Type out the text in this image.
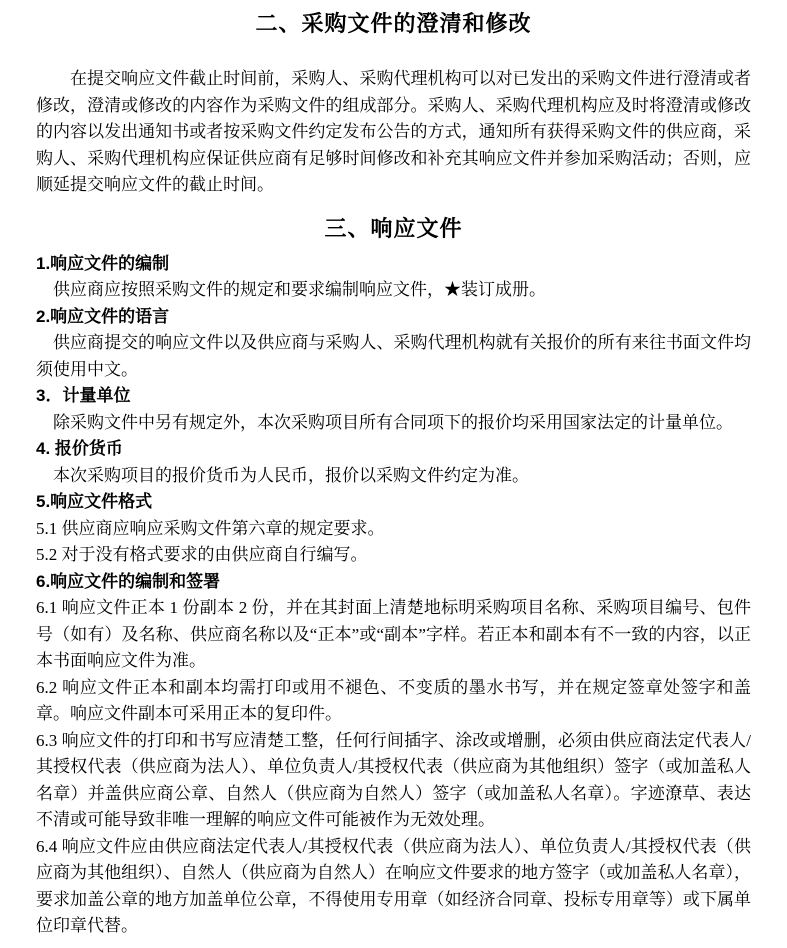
二、采购文件的澄清和修改

在提交响应文件截止时间前，采购人、采购代理机构可以对已发出的采购文件进行澄清或者修改，澄清或修改的内容作为采购文件的组成部分。采购人、采购代理机构应及时将澄清或修改的内容以发出通知书或者按采购文件约定发布公告的方式，通知所有获得采购文件的供应商，采购人、采购代理机构应保证供应商有足够时间修改和补充其响应文件并参加采购活动；否则，应顺延提交响应文件的截止时间。

三、响应文件

1.响应文件的编制

供应商应按照采购文件的规定和要求编制响应文件，★装订成册。

2.响应文件的语言

供应商提交的响应文件以及供应商与采购人、采购代理机构就有关报价的所有来往书面文件均须使用中文。

3．计量单位

除采购文件中另有规定外，本次采购项目所有合同项下的报价均采用国家法定的计量单位。

4. 报价货币

本次采购项目的报价货币为人民币，报价以采购文件约定为准。

5.响应文件格式

5.1 供应商应响应采购文件第六章的规定要求。

5.2 对于没有格式要求的由供应商自行编写。

6.响应文件的编制和签署

6.1 响应文件正本 1 份副本 2 份，并在其封面上清楚地标明采购项目名称、采购项目编号、包件号（如有）及名称、供应商名称以及“正本”或“副本”字样。若正本和副本有不一致的内容，以正本书面响应文件为准。

6.2 响应文件正本和副本均需打印或用不褪色、不变质的墨水书写，并在规定签章处签字和盖章。响应文件副本可采用正本的复印件。

6.3 响应文件的打印和书写应清楚工整，任何行间插字、涂改或增删，必须由供应商法定代表人/其授权代表（供应商为法人）、单位负责人/其授权代表（供应商为其他组织）签字（或加盖私人名章）并盖供应商公章、自然人（供应商为自然人）签字（或加盖私人名章）。字迹潦草、表达不清或可能导致非唯一理解的响应文件可能被作为无效处理。

6.4 响应文件应由供应商法定代表人/其授权代表（供应商为法人）、单位负责人/其授权代表（供应商为其他组织）、自然人（供应商为自然人）在响应文件要求的地方签字（或加盖私人名章），要求加盖公章的地方加盖单位公章，不得使用专用章（如经济合同章、投标专用章等）或下属单位印章代替。
